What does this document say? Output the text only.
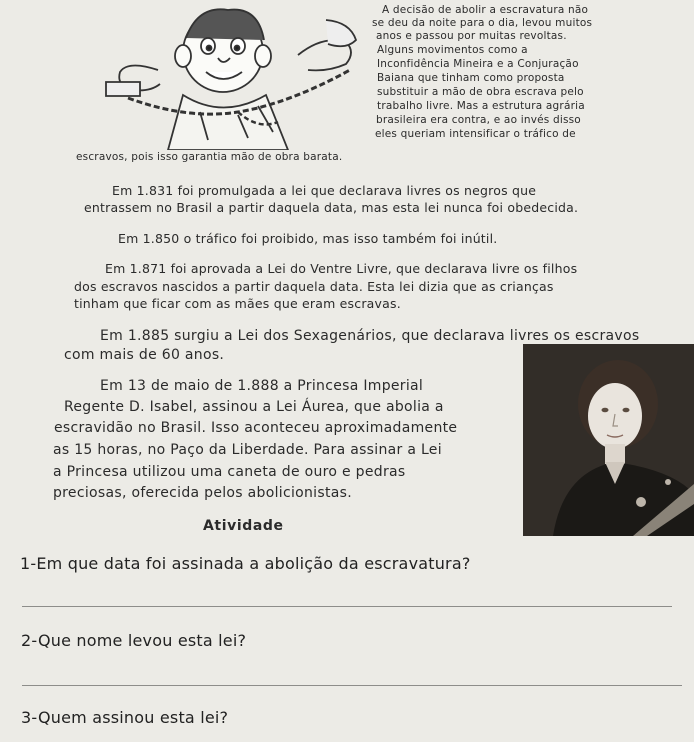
A decisão de abolir a escravatura não
se deu da noite para o dia, levou muitos
anos e passou por muitas revoltas.
Alguns movimentos como a
Inconfidência Mineira e a Conjuração
Baiana que tinham como proposta
substituir a mão de obra escrava pelo
trabalho livre. Mas a estrutura agrária
brasileira era contra, e ao invés disso
eles queriam intensificar o tráfico de
escravos, pois isso garantia mão de obra barata.
Em 1.831 foi promulgada a lei que declarava livres os negros que
entrassem no Brasil a partir daquela data, mas esta lei nunca foi obedecida.
Em 1.850 o tráfico foi proibido, mas isso também foi inútil.
Em 1.871 foi aprovada a Lei do Ventre Livre, que declarava livre os filhos
dos escravos nascidos a partir daquela data. Esta lei dizia que as crianças
tinham que ficar com as mães que eram escravas.
Em 1.885 surgiu a Lei dos Sexagenários, que declarava livres os escravos
com mais de 60 anos.
Em 13 de maio de 1.888 a Princesa Imperial
Regente D. Isabel, assinou a Lei Áurea, que abolia a
escravidão no Brasil. Isso aconteceu aproximadamente
as 15 horas, no Paço da Liberdade. Para assinar a Lei
a Princesa utilizou uma caneta de ouro e pedras
preciosas, oferecida pelos abolicionistas.
Atividade
1-Em que data foi assinada a abolição da escravatura?
2-Que nome levou esta lei?
3-Quem assinou esta lei?
